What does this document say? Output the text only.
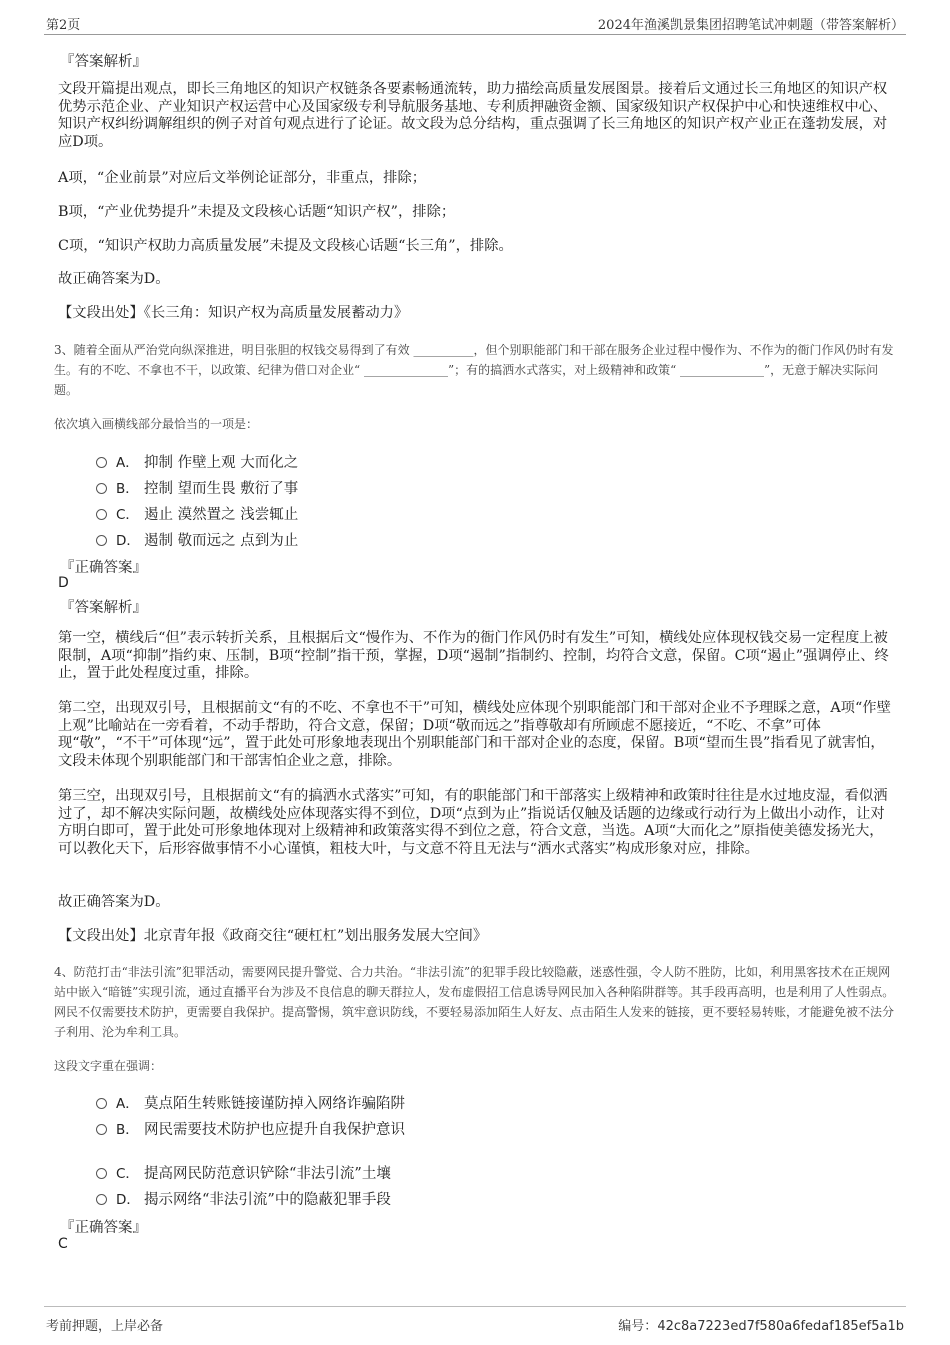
第2页	2024年渔溪凯景集团招聘笔试冲刺题（带答案解析）
『答案解析』
文段开篇提出观点，即长三角地区的知识产权链条各要素畅通流转，助力描绘高质量发展图景。接着后文通过长三角地区的知识产权优势示范企业、产业知识产权运营中心及国家级专利导航服务基地、专利质押融资金额、国家级知识产权保护中心和快速维权中心、知识产权纠纷调解组织的例子对首句观点进行了论证。故文段为总分结构，重点强调了长三角地区的知识产权产业正在蓬勃发展，对应D项。
A项，“企业前景”对应后文举例论证部分，非重点，排除；
B项，“产业优势提升”未提及文段核心话题“知识产权”，排除；
C项，“知识产权助力高质量发展”未提及文段核心话题“长三角”，排除。
故正确答案为D。
【文段出处】《长三角：知识产权为高质量发展蓄动力》
3、随着全面从严治党向纵深推进，明目张胆的权钱交易得到了有效 __________，但个别职能部门和干部在服务企业过程中慢作为、不作为的衙门作风仍时有发生。有的不吃、不拿也不干，以政策、纪律为借口对企业“ ______________”；有的搞洒水式落实，对上级精神和政策“ ______________”，无意于解决实际问题。
依次填入画横线部分最恰当的一项是：
A． 抑制 作壁上观 大而化之
B． 控制 望而生畏 敷衍了事
C． 遏止 漠然置之 浅尝辄止
D． 遏制 敬而远之 点到为止
『正确答案』
D
『答案解析』
第一空，横线后“但”表示转折关系，且根据后文“慢作为、不作为的衙门作风仍时有发生”可知，横线处应体现权钱交易一定程度上被限制，A项“抑制”指约束、压制，B项“控制”指干预，掌握，D项“遏制”指制约、控制，均符合文意，保留。C项“遏止”强调停止、终止，置于此处程度过重，排除。
第二空，出现双引号，且根据前文“有的不吃、不拿也不干”可知，横线处应体现个别职能部门和干部对企业不予理睬之意，A项“作壁上观”比喻站在一旁看着，不动手帮助，符合文意，保留；D项“敬而远之”指尊敬却有所顾虑不愿接近，“不吃、不拿”可体现“敬”，“不干”可体现“远”，置于此处可形象地表现出个别职能部门和干部对企业的态度，保留。B项“望而生畏”指看见了就害怕，文段未体现个别职能部门和干部害怕企业之意，排除。
第三空，出现双引号，且根据前文“有的搞洒水式落实”可知，有的职能部门和干部落实上级精神和政策时往往是水过地皮湿，看似洒过了，却不解决实际问题，故横线处应体现落实得不到位，D项“点到为止”指说话仅触及话题的边缘或行动行为上做出小动作，让对方明白即可，置于此处可形象地体现对上级精神和政策落实得不到位之意，符合文意，当选。A项“大而化之”原指使美德发扬光大，可以教化天下，后形容做事情不小心谨慎，粗枝大叶，与文意不符且无法与“洒水式落实”构成形象对应，排除。
故正确答案为D。
【文段出处】北京青年报《政商交往“硬杠杠”划出服务发展大空间》
4、防范打击“非法引流”犯罪活动，需要网民提升警觉、合力共治。“非法引流”的犯罪手段比较隐蔽，迷惑性强，令人防不胜防，比如，利用黑客技术在正规网站中嵌入“暗链”实现引流，通过直播平台为涉及不良信息的聊天群拉人，发布虚假招工信息诱导网民加入各种陷阱群等。其手段再高明，也是利用了人性弱点。网民不仅需要技术防护，更需要自我保护。提高警惕，筑牢意识防线，不要轻易添加陌生人好友、点击陌生人发来的链接，更不要轻易转账，才能避免被不法分子利用、沦为牟利工具。
这段文字重在强调：
A． 莫点陌生转账链接谨防掉入网络诈骗陷阱
B． 网民需要技术防护也应提升自我保护意识
C． 提高网民防范意识铲除“非法引流”土壤
D． 揭示网络“非法引流”中的隐蔽犯罪手段
『正确答案』
C
考前押题，上岸必备	编号：42c8a7223ed7f580a6fedaf185ef5a1b
